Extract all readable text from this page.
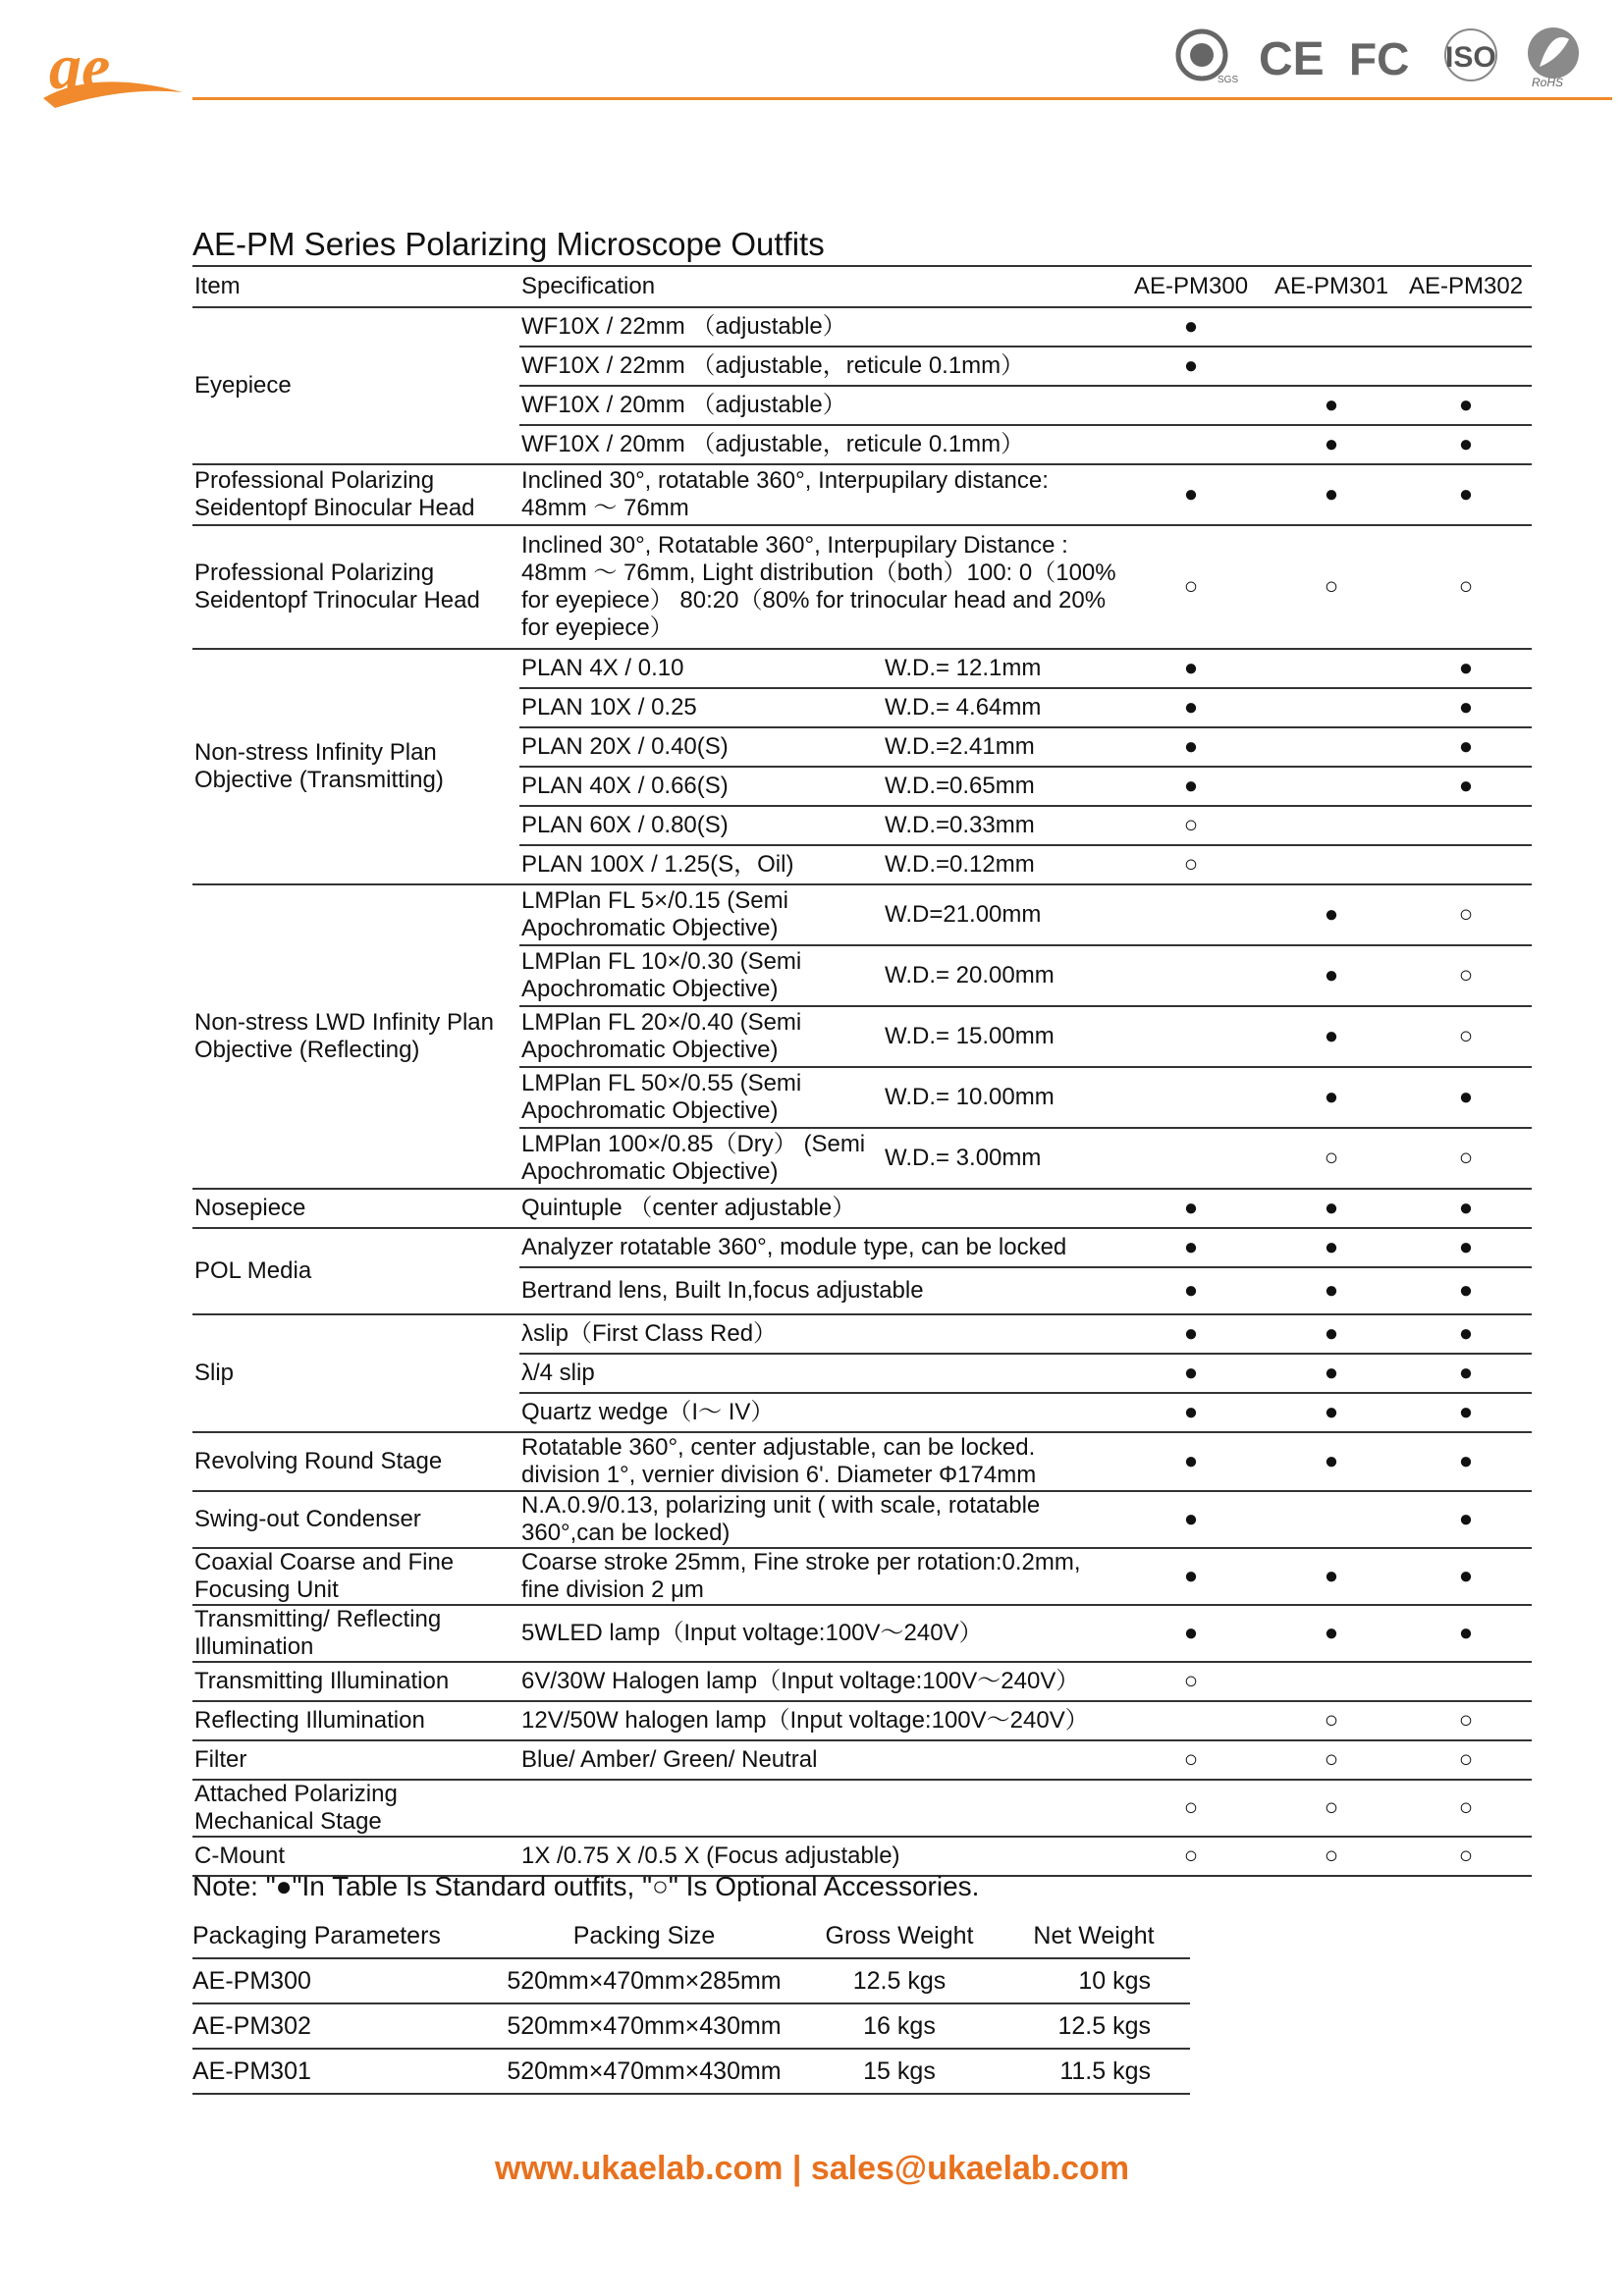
ae	SGS CE FC ISO
RoHS
AE-PM Series Polarizing Microscope Outfits
Item	Specification		AE-PM300	AE-PM301	AE-PM302
Eyepiece	WF10X / 22mm （adjustable）		●		
	WF10X / 22mm （adjustable，reticule 0.1mm）		●		
	WF10X / 20mm （adjustable）			●	●
	WF10X / 20mm （adjustable，reticule 0.1mm）			●	●
Professional Polarizing Seidentopf Binocular Head	Inclined 30°, rotatable 360°, Interpupilary distance: 48mm ～ 76mm		●	●	●
Professional Polarizing Seidentopf Trinocular Head	Inclined 30°, Rotatable 360°, Interpupilary Distance : 48mm ～ 76mm, Light distribution（both）100: 0（100% for eyepiece） 80:20（80% for trinocular head and 20% for eyepiece）		○	○	○
Non-stress Infinity Plan Objective (Transmitting)	PLAN 4X / 0.10	W.D.= 12.1mm	●		●
	PLAN 10X / 0.25	W.D.= 4.64mm	●		●
	PLAN 20X / 0.40(S)	W.D.=2.41mm	●		●
	PLAN 40X / 0.66(S)	W.D.=0.65mm	●		●
	PLAN 60X / 0.80(S)	W.D.=0.33mm	○		
	PLAN 100X / 1.25(S，Oil)	W.D.=0.12mm	○		
Non-stress LWD Infinity Plan Objective (Reflecting)	LMPlan FL 5×/0.15 (Semi Apochromatic Objective)	W.D=21.00mm		●	○
	LMPlan FL 10×/0.30 (Semi Apochromatic Objective)	W.D.= 20.00mm		●	○
	LMPlan FL 20×/0.40 (Semi Apochromatic Objective)	W.D.= 15.00mm		●	○
	LMPlan FL 50×/0.55 (Semi Apochromatic Objective)	W.D.= 10.00mm		●	●
	LMPlan 100×/0.85（Dry） (Semi Apochromatic Objective)	W.D.= 3.00mm		○	○
Nosepiece	Quintuple （center adjustable）		●	●	●
POL Media	Analyzer rotatable 360°, module type, can be locked		●	●	●
	Bertrand lens, Built In,focus adjustable		●	●	●
Slip	λslip（First Class Red）		●	●	●
	λ/4 slip		●	●	●
	Quartz wedge（I～ IV）		●	●	●
Revolving Round Stage	Rotatable 360°, center adjustable, can be locked. division 1°, vernier division 6'. Diameter Φ174mm		●	●	●
Swing-out Condenser	N.A.0.9/0.13, polarizing unit ( with scale, rotatable 360°,can be locked)		●		●
Coaxial Coarse and Fine Focusing Unit	Coarse stroke 25mm, Fine stroke per rotation:0.2mm, fine division 2 μm		●	●	●
Transmitting/ Reflecting Illumination	5WLED lamp（Input voltage:100V～240V）		●	●	●
Transmitting Illumination	6V/30W Halogen lamp（Input voltage:100V～240V）		○		
Reflecting Illumination	12V/50W halogen lamp（Input voltage:100V～240V）			○	○
Filter	Blue/ Amber/ Green/ Neutral		○	○	○
Attached Polarizing Mechanical Stage			○	○	○
C-Mount	1X /0.75 X /0.5 X (Focus adjustable)		○	○	○
Note: "●"In Table Is Standard outfits, "○" Is Optional Accessories.
Packaging Parameters	Packing Size	Gross Weight	Net Weight
AE-PM300	520mm×470mm×285mm	12.5 kgs	10 kgs
AE-PM302	520mm×470mm×430mm	16 kgs	12.5 kgs
AE-PM301	520mm×470mm×430mm	15 kgs	11.5 kgs
www.ukaelab.com | sales@ukaelab.com
